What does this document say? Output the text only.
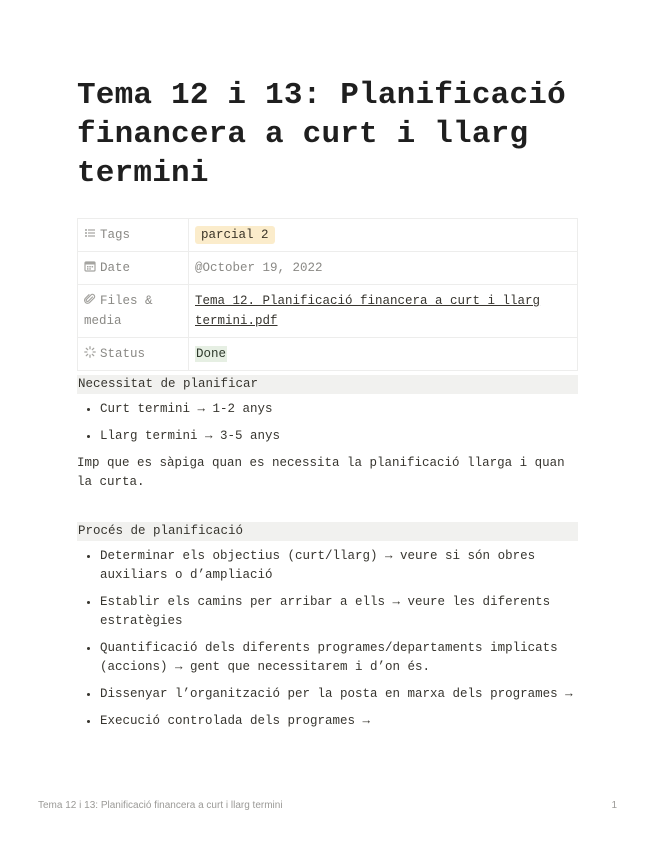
Tema 12 i 13: Planificació financera a curt i llarg termini
Tags	parcial 2
Date	@October 19, 2022
Files & media	Tema 12. Planificació financera a curt i llarg termini.pdf
Status	Done
Necessitat de planificar
• Curt termini → 1-2 anys
• Llarg termini → 3-5 anys

Imp que es sàpiga quan es necessita la planificació llarga i quan la curta.

Procés de planificació
• Determinar els objectius (curt/llarg) → veure si són obres auxiliars o d’ampliació
• Establir els camins per arribar a ells → veure les diferents estratègies
• Quantificació dels diferents programes/departaments implicats (accions) → gent que necessitarem i d’on és.
• Dissenyar l’organització per la posta en marxa dels programes →
• Execució controlada dels programes →
Tema 12 i 13: Planificació financera a curt i llarg termini	1
